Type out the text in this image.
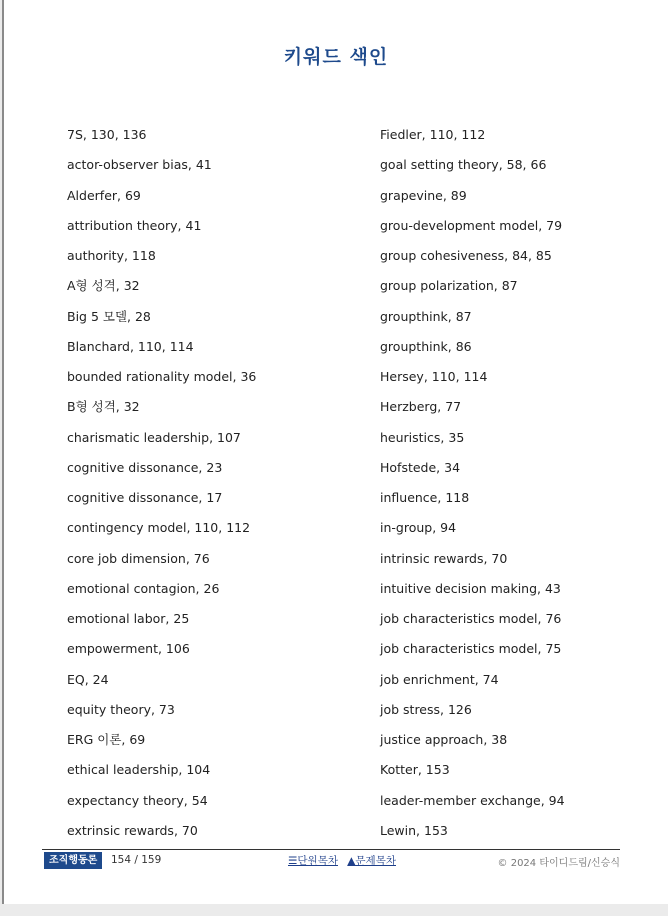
키워드 색인
7S, 130, 136
actor-observer bias, 41
Alderfer, 69
attribution theory, 41
authority, 118
A형 성격, 32
Big 5 모델, 28
Blanchard, 110, 114
bounded rationality model, 36
B형 성격, 32
charismatic leadership, 107
cognitive dissonance, 23
cognitive dissonance, 17
contingency model, 110, 112
core job dimension, 76
emotional contagion, 26
emotional labor, 25
empowerment, 106
EQ, 24
equity theory, 73
ERG 이론, 69
ethical leadership, 104
expectancy theory, 54
extrinsic rewards, 70
Fiedler, 110, 112
goal setting theory, 58, 66
grapevine, 89
grou-development model, 79
group cohesiveness, 84, 85
group polarization, 87
groupthink, 87
groupthink, 86
Hersey, 110, 114
Herzberg, 77
heuristics, 35
Hofstede, 34
influence, 118
in-group, 94
intrinsic rewards, 70
intuitive decision making, 43
job characteristics model, 76
job characteristics model, 75
job enrichment, 74
job stress, 126
justice approach, 38
Kotter, 153
leader-member exchange, 94
Lewin, 153
조직행동론	154 / 159	☰단원목차 ▲문제목차	© 2024 타이디드림/신승식
